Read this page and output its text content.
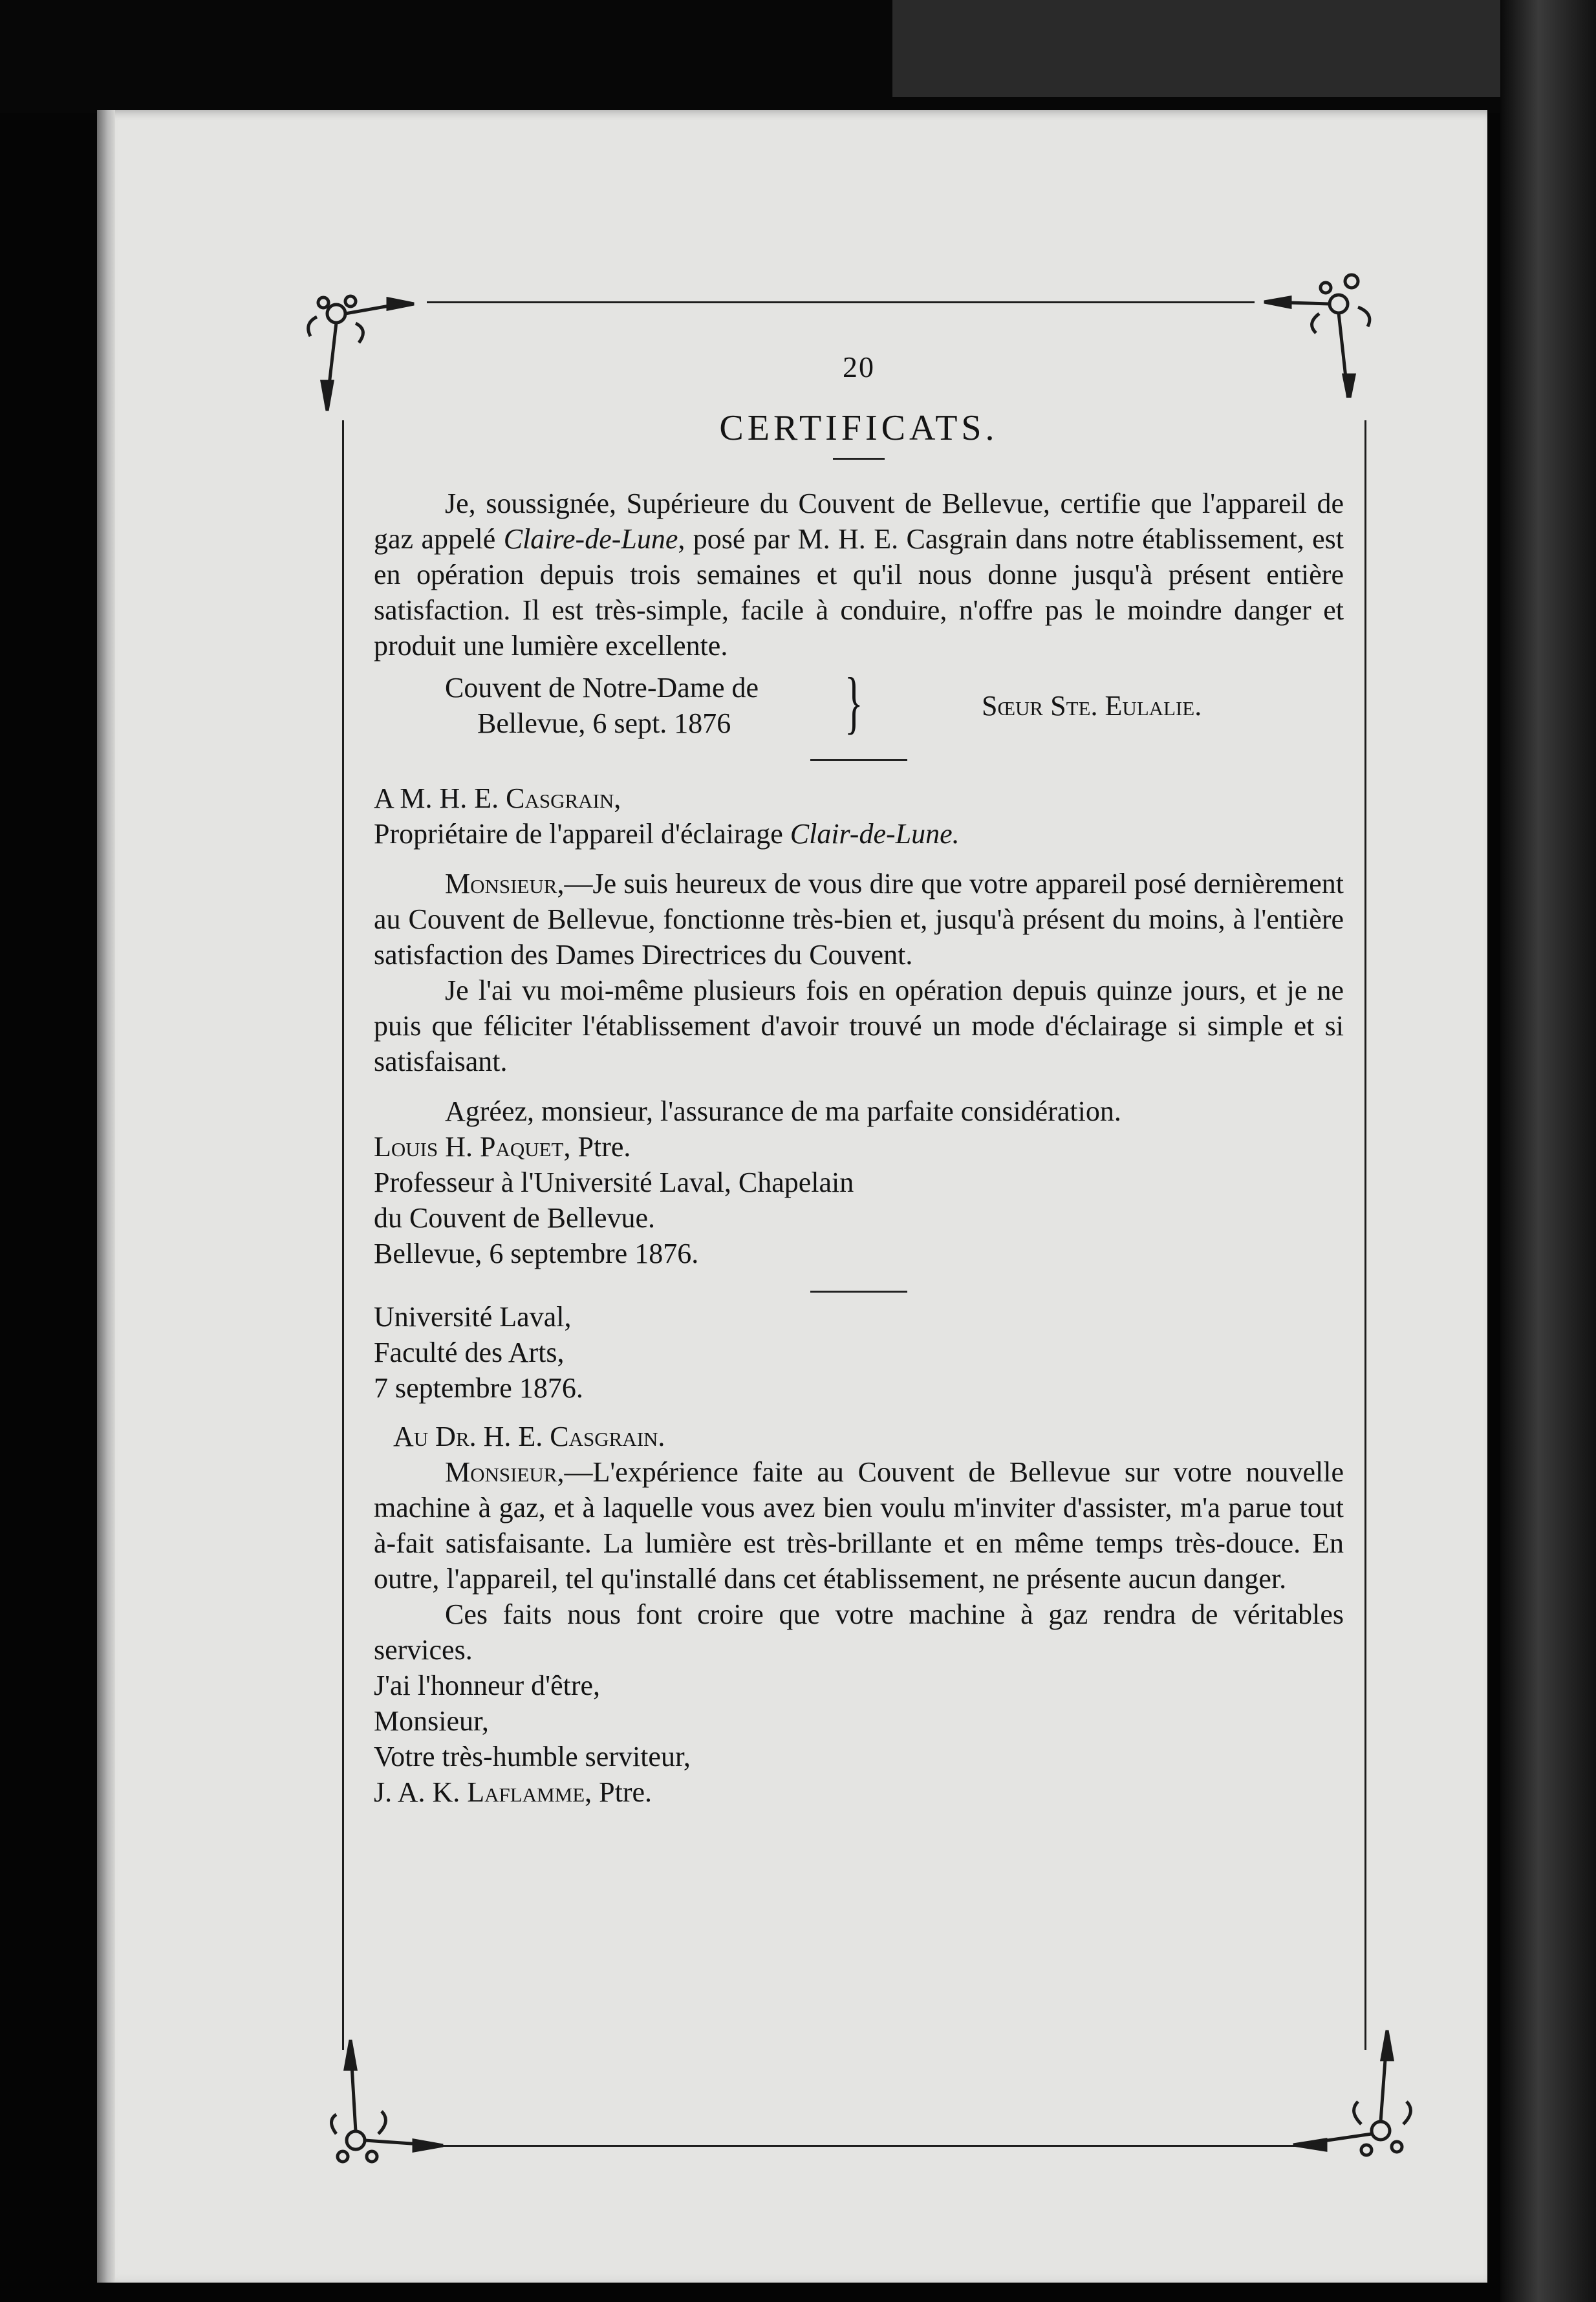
20
CERTIFICATS.

Je, soussignée, Supérieure du Couvent de Bellevue, certifie que l'appareil de gaz appelé Claire-de-Lune, posé par M. H. E. Casgrain dans notre établissement, est en opération depuis trois semaines et qu'il nous donne jusqu'à présent entière satisfaction. Il est très-simple, facile à conduire, n'offre pas le moindre danger et produit une lumière excellente.

Couvent de Notre-Dame de
Bellevue, 6 sept. 1876 }	Sœur Ste. Eulalie.

A M. H. E. Casgrain,

Propriétaire de l'appareil d'éclairage Clair-de-Lune.

Monsieur,—Je suis heureux de vous dire que votre appareil posé dernièrement au Couvent de Bellevue, fonctionne très-bien et, jusqu'à présent du moins, à l'entière satisfaction des Dames Directrices du Couvent.

Je l'ai vu moi-même plusieurs fois en opération depuis quinze jours, et je ne puis que féliciter l'établissement d'avoir trouvé un mode d'éclairage si simple et si satisfaisant.

Agréez, monsieur, l'assurance de ma parfaite considération.

Louis H. Paquet, Ptre.

Professeur à l'Université Laval, Chapelain

du Couvent de Bellevue.

Bellevue, 6 septembre 1876.

Université Laval,

Faculté des Arts,

7 septembre 1876.

Au Dr. H. E. Casgrain.

Monsieur,—L'expérience faite au Couvent de Bellevue sur votre nouvelle machine à gaz, et à laquelle vous avez bien voulu m'inviter d'assister, m'a parue tout à-fait satisfaisante. La lumière est très-brillante et en même temps très-douce. En outre, l'appareil, tel qu'installé dans cet établissement, ne présente aucun danger.

Ces faits nous font croire que votre machine à gaz rendra de véritables services.

J'ai l'honneur d'être,

Monsieur,

Votre très-humble serviteur,

J. A. K. Laflamme, Ptre.
